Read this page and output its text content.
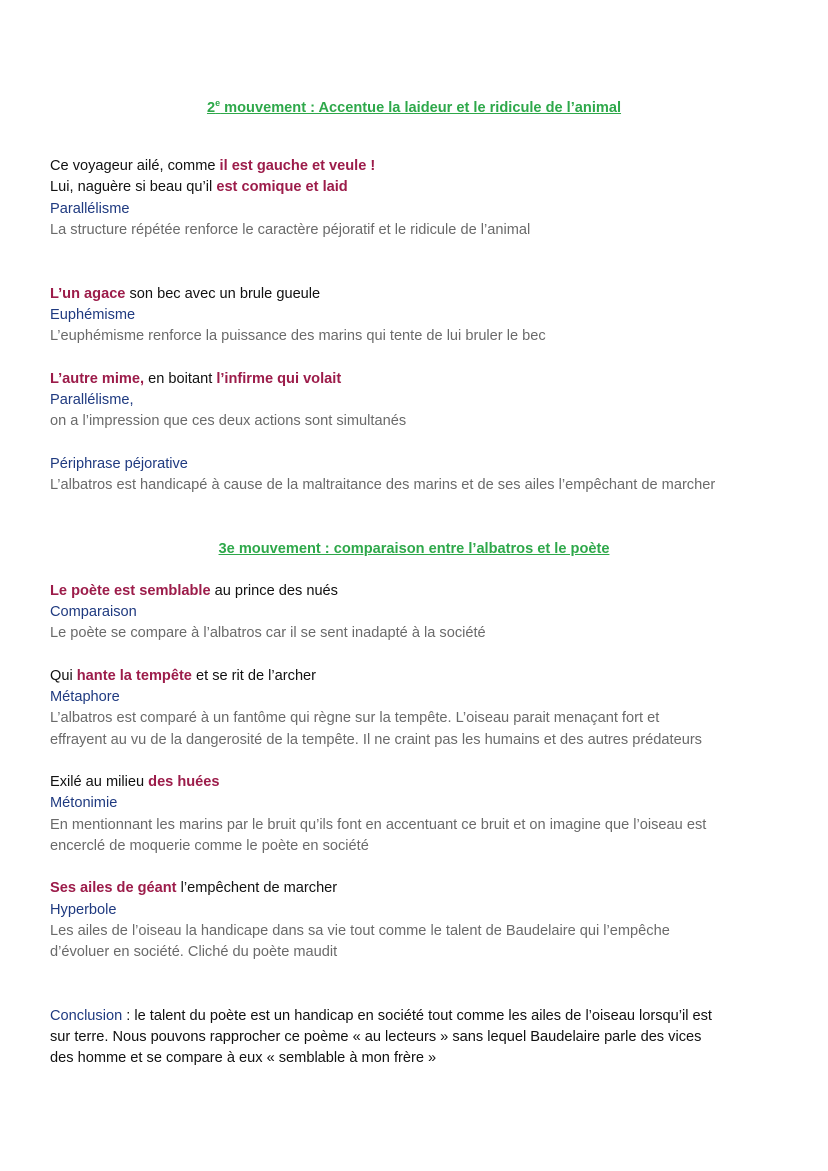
2e mouvement : Accentue la laideur et le ridicule de l’animal
Ce voyageur ailé, comme il est gauche et veule !
Lui, naguère si beau qu’il est comique et laid
Parallélisme
La structure répétée renforce le caractère péjoratif et le ridicule de l’animal
L’un agace son bec avec un brule gueule
Euphémisme
L’euphémisme renforce la puissance des marins qui tente de lui bruler le bec
L’autre mime, en boitant l’infirme qui volait
Parallélisme,
on a l’impression que ces deux actions sont simultanés
Périphrase péjorative
L’albatros est handicapé à cause de la maltraitance des marins et de ses ailes l’empêchant de marcher
3e mouvement : comparaison entre l’albatros et le poète
Le poète est semblable au prince des nués
Comparaison
Le poète se compare à l’albatros car il se sent inadapté à la société
Qui hante la tempête et se rit de l’archer
Métaphore
L’albatros est comparé à un fantôme qui règne sur la tempête. L’oiseau parait menaçant fort et
effrayent au vu de la dangerosité de la tempête. Il ne craint pas les humains et des autres prédateurs
Exilé au milieu des huées
Métonimie
En mentionnant les marins par le bruit qu’ils font en accentuant ce bruit et on imagine que l’oiseau est
encerclé de moquerie comme le poète en société
Ses ailes de géant l’empêchent de marcher
Hyperbole
Les ailes de l’oiseau la handicape dans sa vie tout comme le talent de Baudelaire qui l’empêche
d’évoluer en société. Cliché du poète maudit
Conclusion : le talent du poète est un handicap en société tout comme les ailes de l’oiseau lorsqu’il est
sur terre. Nous pouvons rapprocher ce poème « au lecteurs » sans lequel Baudelaire parle des vices
des homme et se compare à eux « semblable à mon frère »
